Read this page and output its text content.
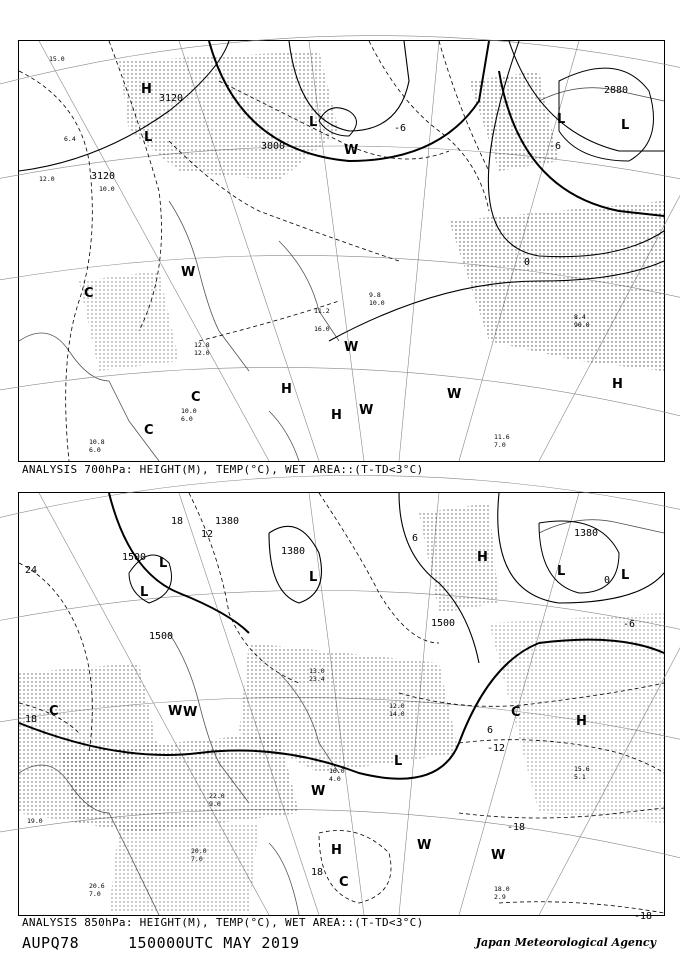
15.0
6.4
12.0
10.0
8.4
90.0
11.6
7.0
10.8
6.0
10.0
6.0
11.2
16.0
9.8
10.0
12.8
12.0
3120
3120
3000
2880
0
-6
-6
H
L
L	L	L
H
H
H
C
C
C
W
W
W
W
W
ANALYSIS 700hPa: HEIGHT(M), TEMP(°C), WET AREA::(T-TD<3°C)
20.6
7.0
18.0
2.9
15.6
5.1
20.0
7.0
22.0
9.0
16.0
4.0
13.0
23.4
19.0
12.0
14.0
1500
1500
1380
1380
1380
1500
24
18
12	6
6
0
-6
-12
-18
18
-18
18
L
L
L	L	L
L
H
H
H
C	C
C
W
W
W
W
W
ANALYSIS 850hPa: HEIGHT(M), TEMP(°C), WET AREA::(T-TD<3°C)
AUPQ78	150000UTC MAY 2019	Japan Meteorological Agency
